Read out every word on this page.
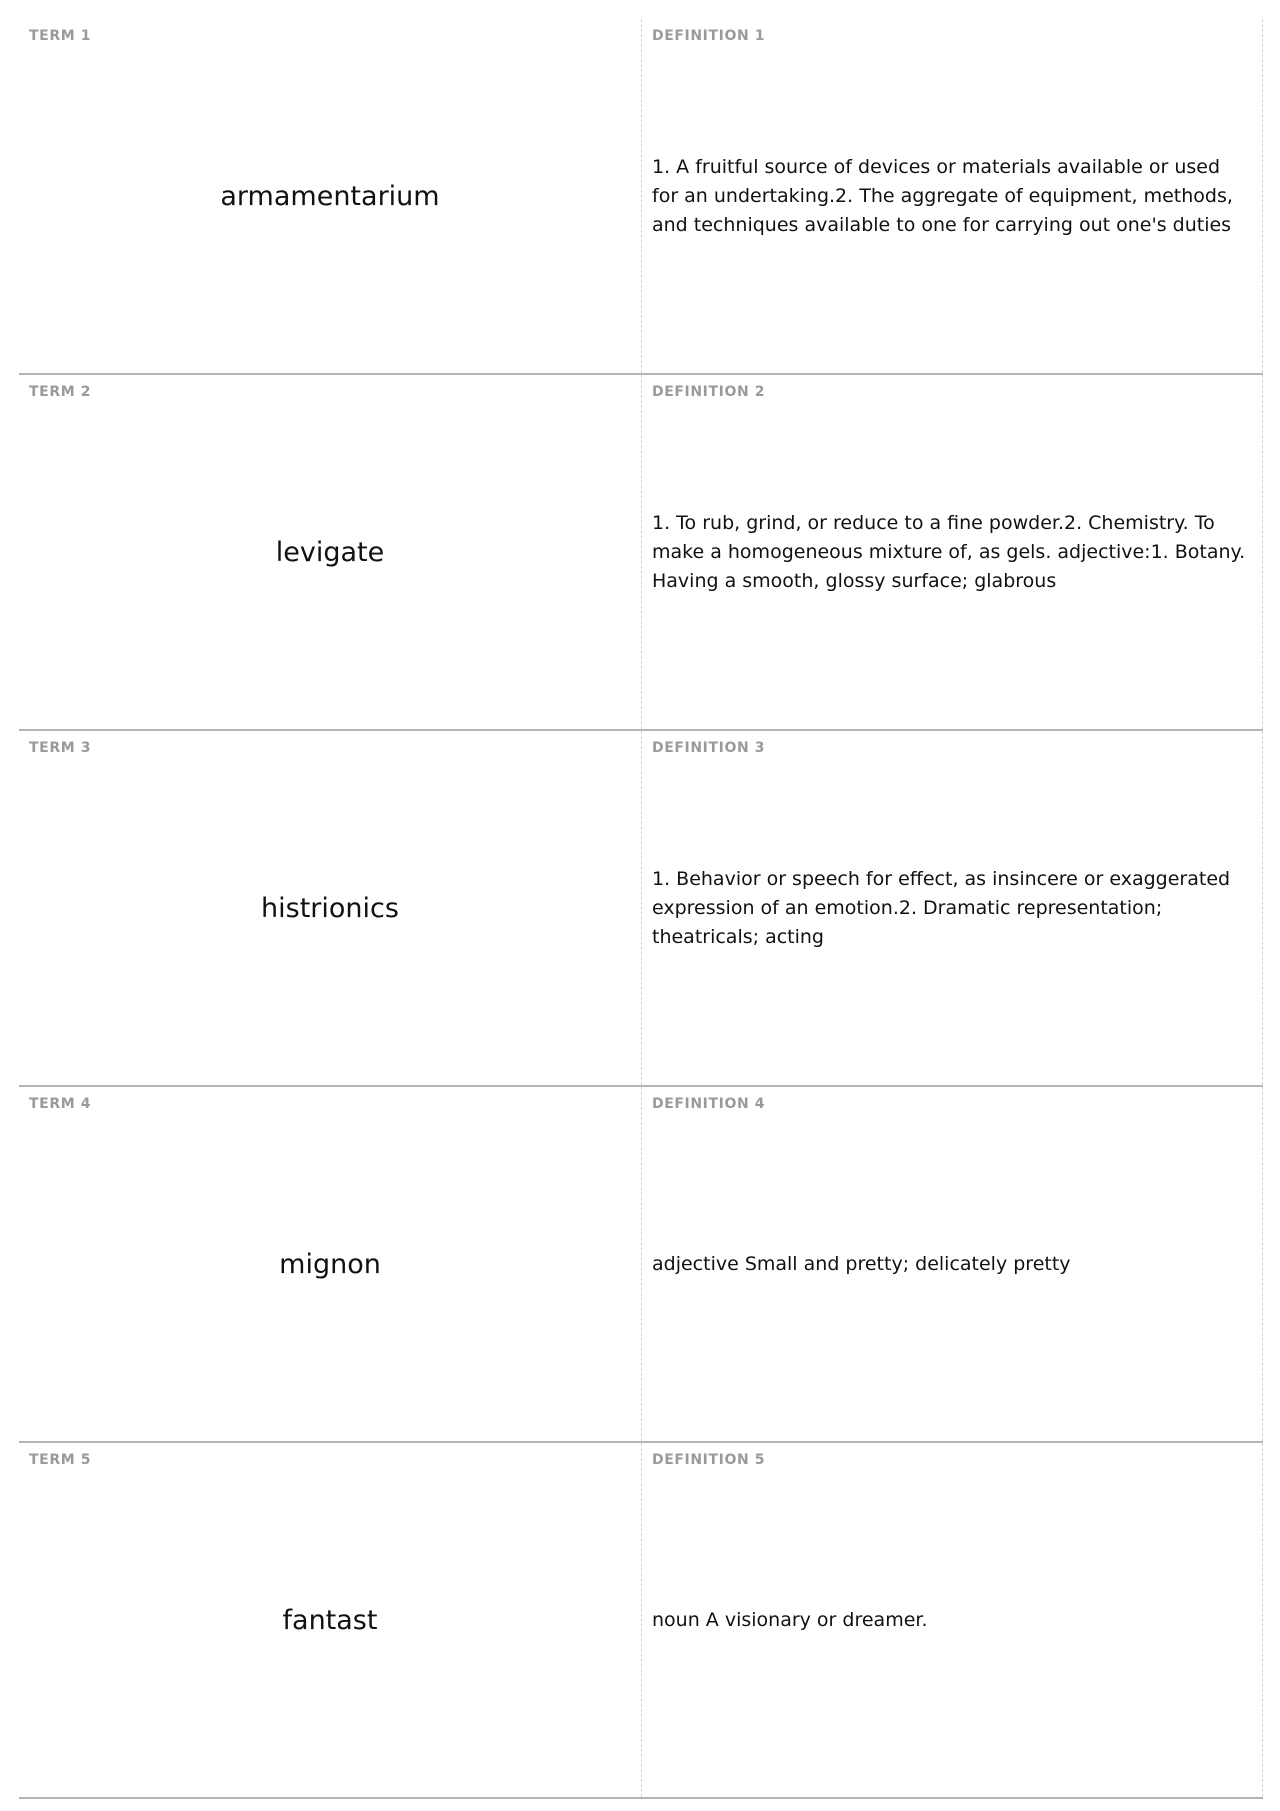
TERM 1
armamentarium
DEFINITION 1
1. A fruitful source of devices or materials available or used for an undertaking.2. The aggregate of equipment, methods, and techniques available to one for carrying out one's duties
TERM 2
levigate
DEFINITION 2
1. To rub, grind, or reduce to a fine powder.2. Chemistry. To make a homogeneous mixture of, as gels. adjective:1. Botany. Having a smooth, glossy surface; glabrous
TERM 3
histrionics
DEFINITION 3
1. Behavior or speech for effect, as insincere or exaggerated expression of an emotion.2. Dramatic representation; theatricals; acting
TERM 4
mignon
DEFINITION 4
adjective Small and pretty; delicately pretty
TERM 5
fantast
DEFINITION 5
noun A visionary or dreamer.
